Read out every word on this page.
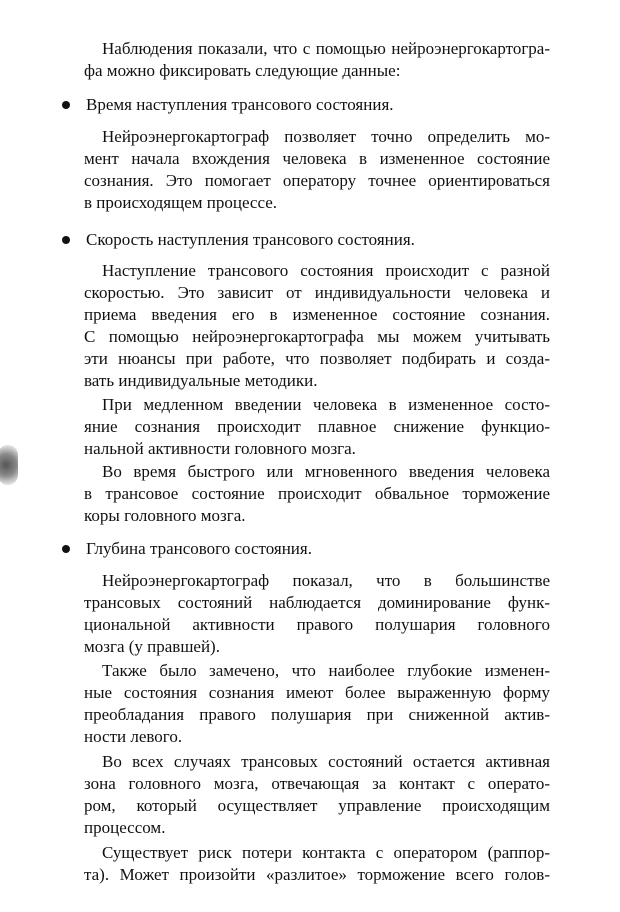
Наблюдения показали, что с помощью нейроэнергокартогра-
фа можно фиксировать следующие данные:
Время наступления трансового состояния.
Нейроэнергокартограф позволяет точно определить мо-
мент начала вхождения человека в измененное состояние
сознания. Это помогает оператору точнее ориентироваться
в происходящем процессе.
Скорость наступления трансового состояния.
Наступление трансового состояния происходит с разной
скоростью. Это зависит от индивидуальности человека и
приема введения его в измененное состояние сознания.
С помощью нейроэнергокартографа мы можем учитывать
эти нюансы при работе, что позволяет подбирать и созда-
вать индивидуальные методики.
При медленном введении человека в измененное состо-
яние сознания происходит плавное снижение функцио-
нальной активности головного мозга.
Во время быстрого или мгновенного введения человека
в трансовое состояние происходит обвальное торможение
коры головного мозга.
Глубина трансового состояния.
Нейроэнергокартограф показал, что в большинстве
трансовых состояний наблюдается доминирование функ-
циональной активности правого полушария головного
мозга (у правшей).
Также было замечено, что наиболее глубокие изменен-
ные состояния сознания имеют более выраженную форму
преобладания правого полушария при сниженной актив-
ности левого.
Во всех случаях трансовых состояний остается активная
зона головного мозга, отвечающая за контакт с операто-
ром, который осуществляет управление происходящим
процессом.
Существует риск потери контакта с оператором (раппор-
та). Может произойти «разлитое» торможение всего голов-
